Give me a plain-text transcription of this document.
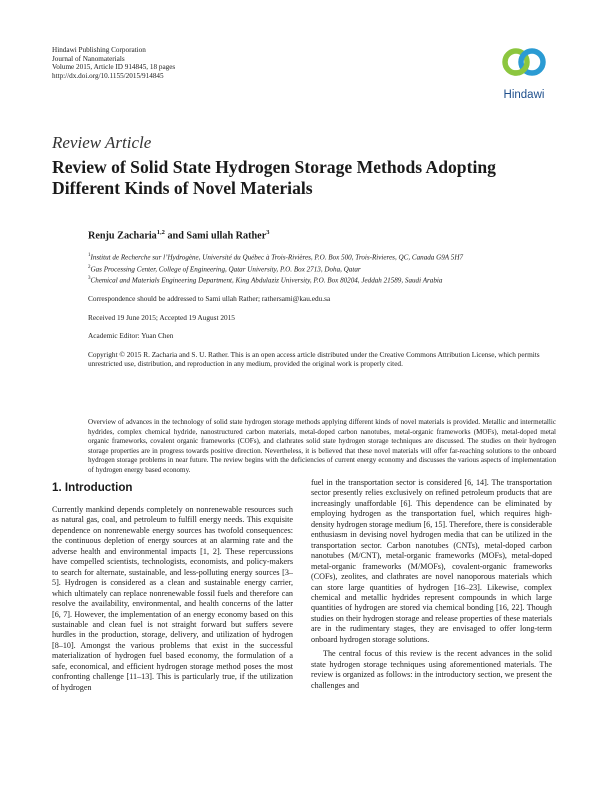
Hindawi Publishing Corporation
Journal of Nanomaterials
Volume 2015, Article ID 914845, 18 pages
http://dx.doi.org/10.1155/2015/914845
Hindawi
Review Article
Review of Solid State Hydrogen Storage Methods Adopting Different Kinds of Novel Materials
Renju Zacharia$^{1,2}$ and Sami ullah Rather$^3$
$^1$Institut de Recherche sur l’Hydrogène, Université du Québec à Trois-Rivières, P.O. Box 500, Trois-Rivieres, QC, Canada G9A 5H7
$^2$Gas Processing Center, College of Engineering, Qatar University, P.O. Box 2713, Doha, Qatar
$^3$Chemical and Materials Engineering Department, King Abdulaziz University, P.O. Box 80204, Jeddah 21589, Saudi Arabia
Correspondence should be addressed to Sami ullah Rather; rathersami@kau.edu.sa
Received 19 June 2015; Accepted 19 August 2015
Academic Editor: Yuan Chen
Copyright © 2015 R. Zacharia and S. U. Rather. This is an open access article distributed under the Creative Commons Attribution License, which permits unrestricted use, distribution, and reproduction in any medium, provided the original work is properly cited.
Overview of advances in the technology of solid state hydrogen storage methods applying different kinds of novel materials is provided. Metallic and intermetallic hydrides, complex chemical hydride, nanostructured carbon materials, metal-doped carbon nanotubes, metal-organic frameworks (MOFs), metal-doped metal organic frameworks, covalent organic frameworks (COFs), and clathrates solid state hydrogen storage techniques are discussed. The studies on their hydrogen storage properties are in progress towards positive direction. Nevertheless, it is believed that these novel materials will offer far-reaching solutions to the onboard hydrogen storage problems in near future. The review begins with the deficiencies of current energy economy and discusses the various aspects of implementation of hydrogen energy based economy.
1. Introduction

Currently mankind depends completely on nonrenewable resources such as natural gas, coal, and petroleum to fulfill energy needs. This exquisite dependence on nonrenewable energy sources has twofold consequences: the continuous depletion of energy sources at an alarming rate and the adverse health and environmental impacts [1, 2]. These repercussions have compelled scientists, technologists, economists, and policy-makers to search for alternate, sustainable, and less-polluting energy sources [3–5]. Hydrogen is considered as a clean and sustainable energy carrier, which ultimately can replace nonrenewable fossil fuels and therefore can resolve the availability, environmental, and health concerns of the latter [6, 7]. However, the implementation of an energy economy based on this sustainable and clean fuel is not straight forward but suffers severe hurdles in the production, storage, delivery, and utilization of hydrogen [8–10]. Amongst the various problems that exist in the successful materialization of hydrogen fuel based economy, the formulation of a safe, economical, and efficient hydrogen storage method poses the most confronting challenge [11–13]. This is particularly true, if the utilization of hydrogen

fuel in the transportation sector is considered [6, 14]. The transportation sector presently relies exclusively on refined petroleum products that are increasingly unaffordable [6]. This dependence can be eliminated by employing hydrogen as the transportation fuel, which requires high-density hydrogen storage medium [6, 15]. Therefore, there is considerable enthusiasm in devising novel hydrogen media that can be utilized in the transportation sector. Carbon nanotubes (CNTs), metal-doped carbon nanotubes (M/CNT), metal-organic frameworks (MOFs), metal-doped metal-organic frameworks (M/MOFs), covalent-organic frameworks (COFs), zeolites, and clathrates are novel nanoporous materials which can store large quantities of hydrogen [16–23]. Likewise, complex chemical and metallic hydrides represent compounds in which large quantities of hydrogen are stored via chemical bonding [16, 22]. Though studies on their hydrogen storage and release properties of these materials are in the rudimentary stages, they are envisaged to offer long-term onboard hydrogen storage solutions.

The central focus of this review is the recent advances in the solid state hydrogen storage techniques using aforementioned materials. The review is organized as follows: in the introductory section, we present the challenges and
